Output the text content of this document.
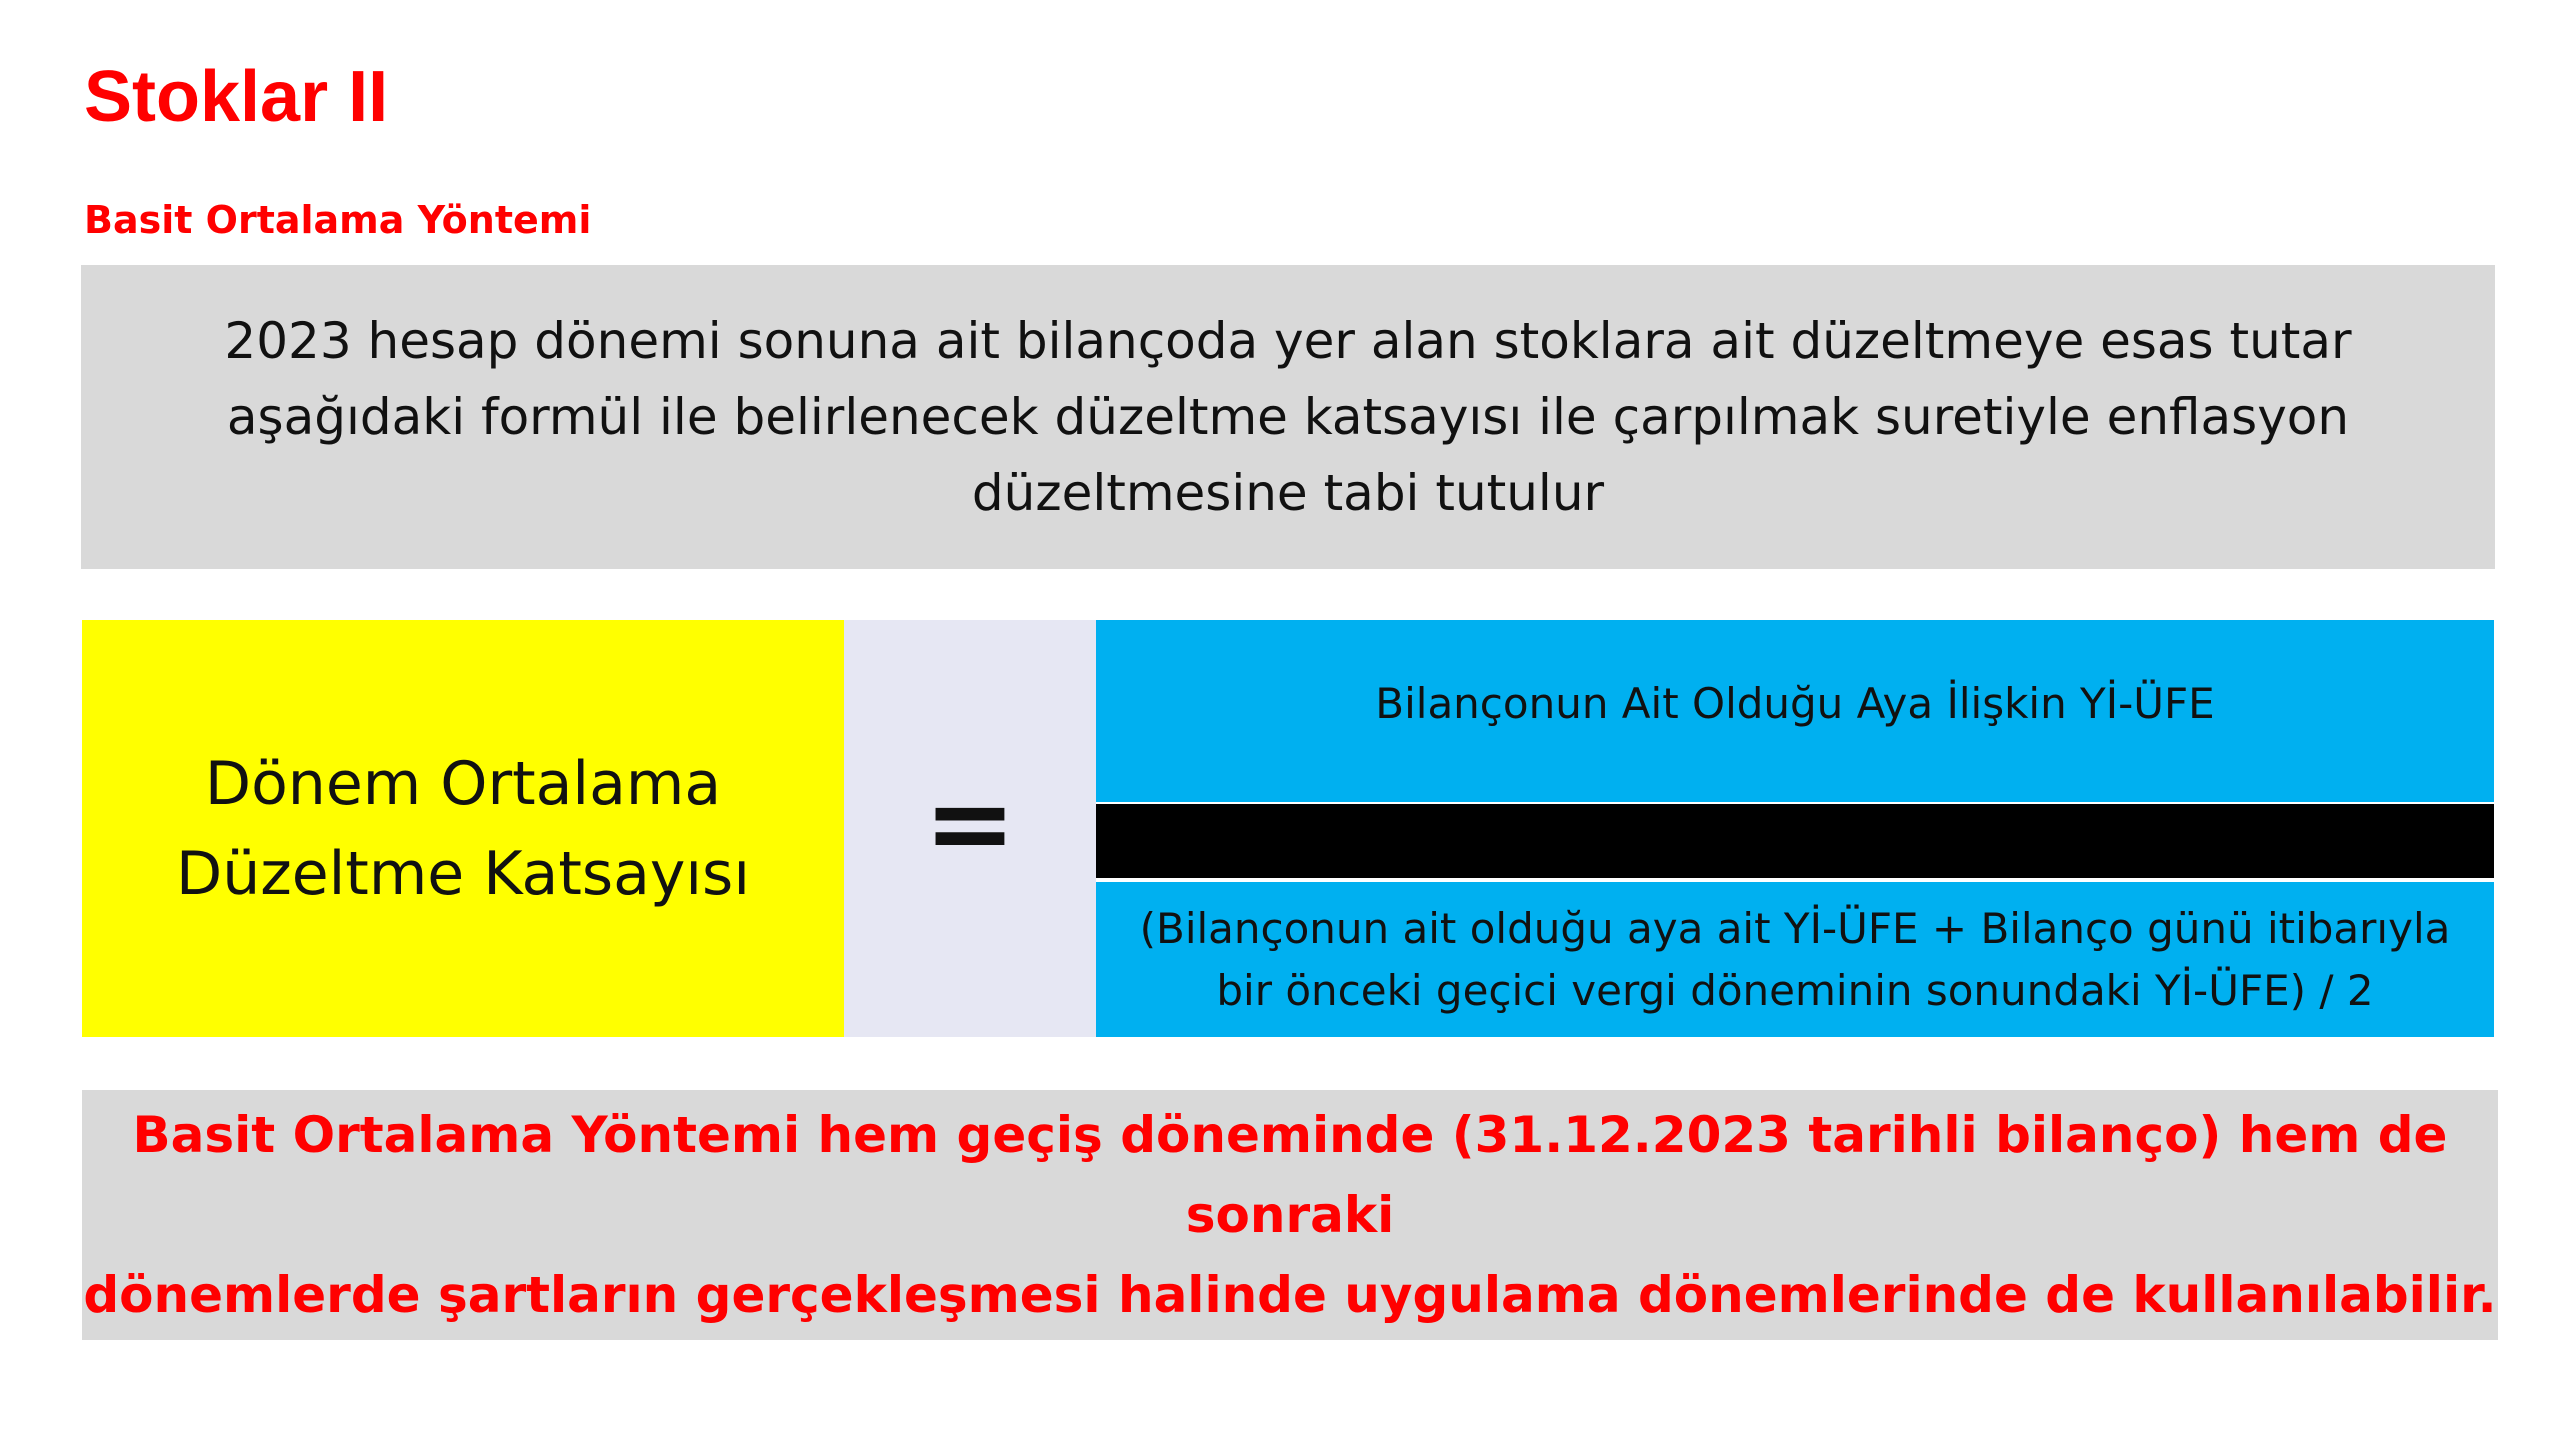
Stoklar II
Basit Ortalama Yöntemi
2023 hesap dönemi sonuna ait bilançoda yer alan stoklara ait düzeltmeye esas tutar
aşağıdaki formül ile belirlenecek düzeltme katsayısı ile çarpılmak suretiyle enflasyon
düzeltmesine tabi tutulur
Dönem Ortalama
Düzeltme Katsayısı =
Bilançonun Ait Olduğu Aya İlişkin Yİ-ÜFE
(Bilançonun ait olduğu aya ait Yİ-ÜFE + Bilanço günü itibarıyla
bir önceki geçici vergi döneminin sonundaki Yİ-ÜFE) / 2
Basit Ortalama Yöntemi hem geçiş döneminde (31.12.2023 tarihli bilanço) hem de sonraki
dönemlerde şartların gerçekleşmesi halinde uygulama dönemlerinde de kullanılabilir.
